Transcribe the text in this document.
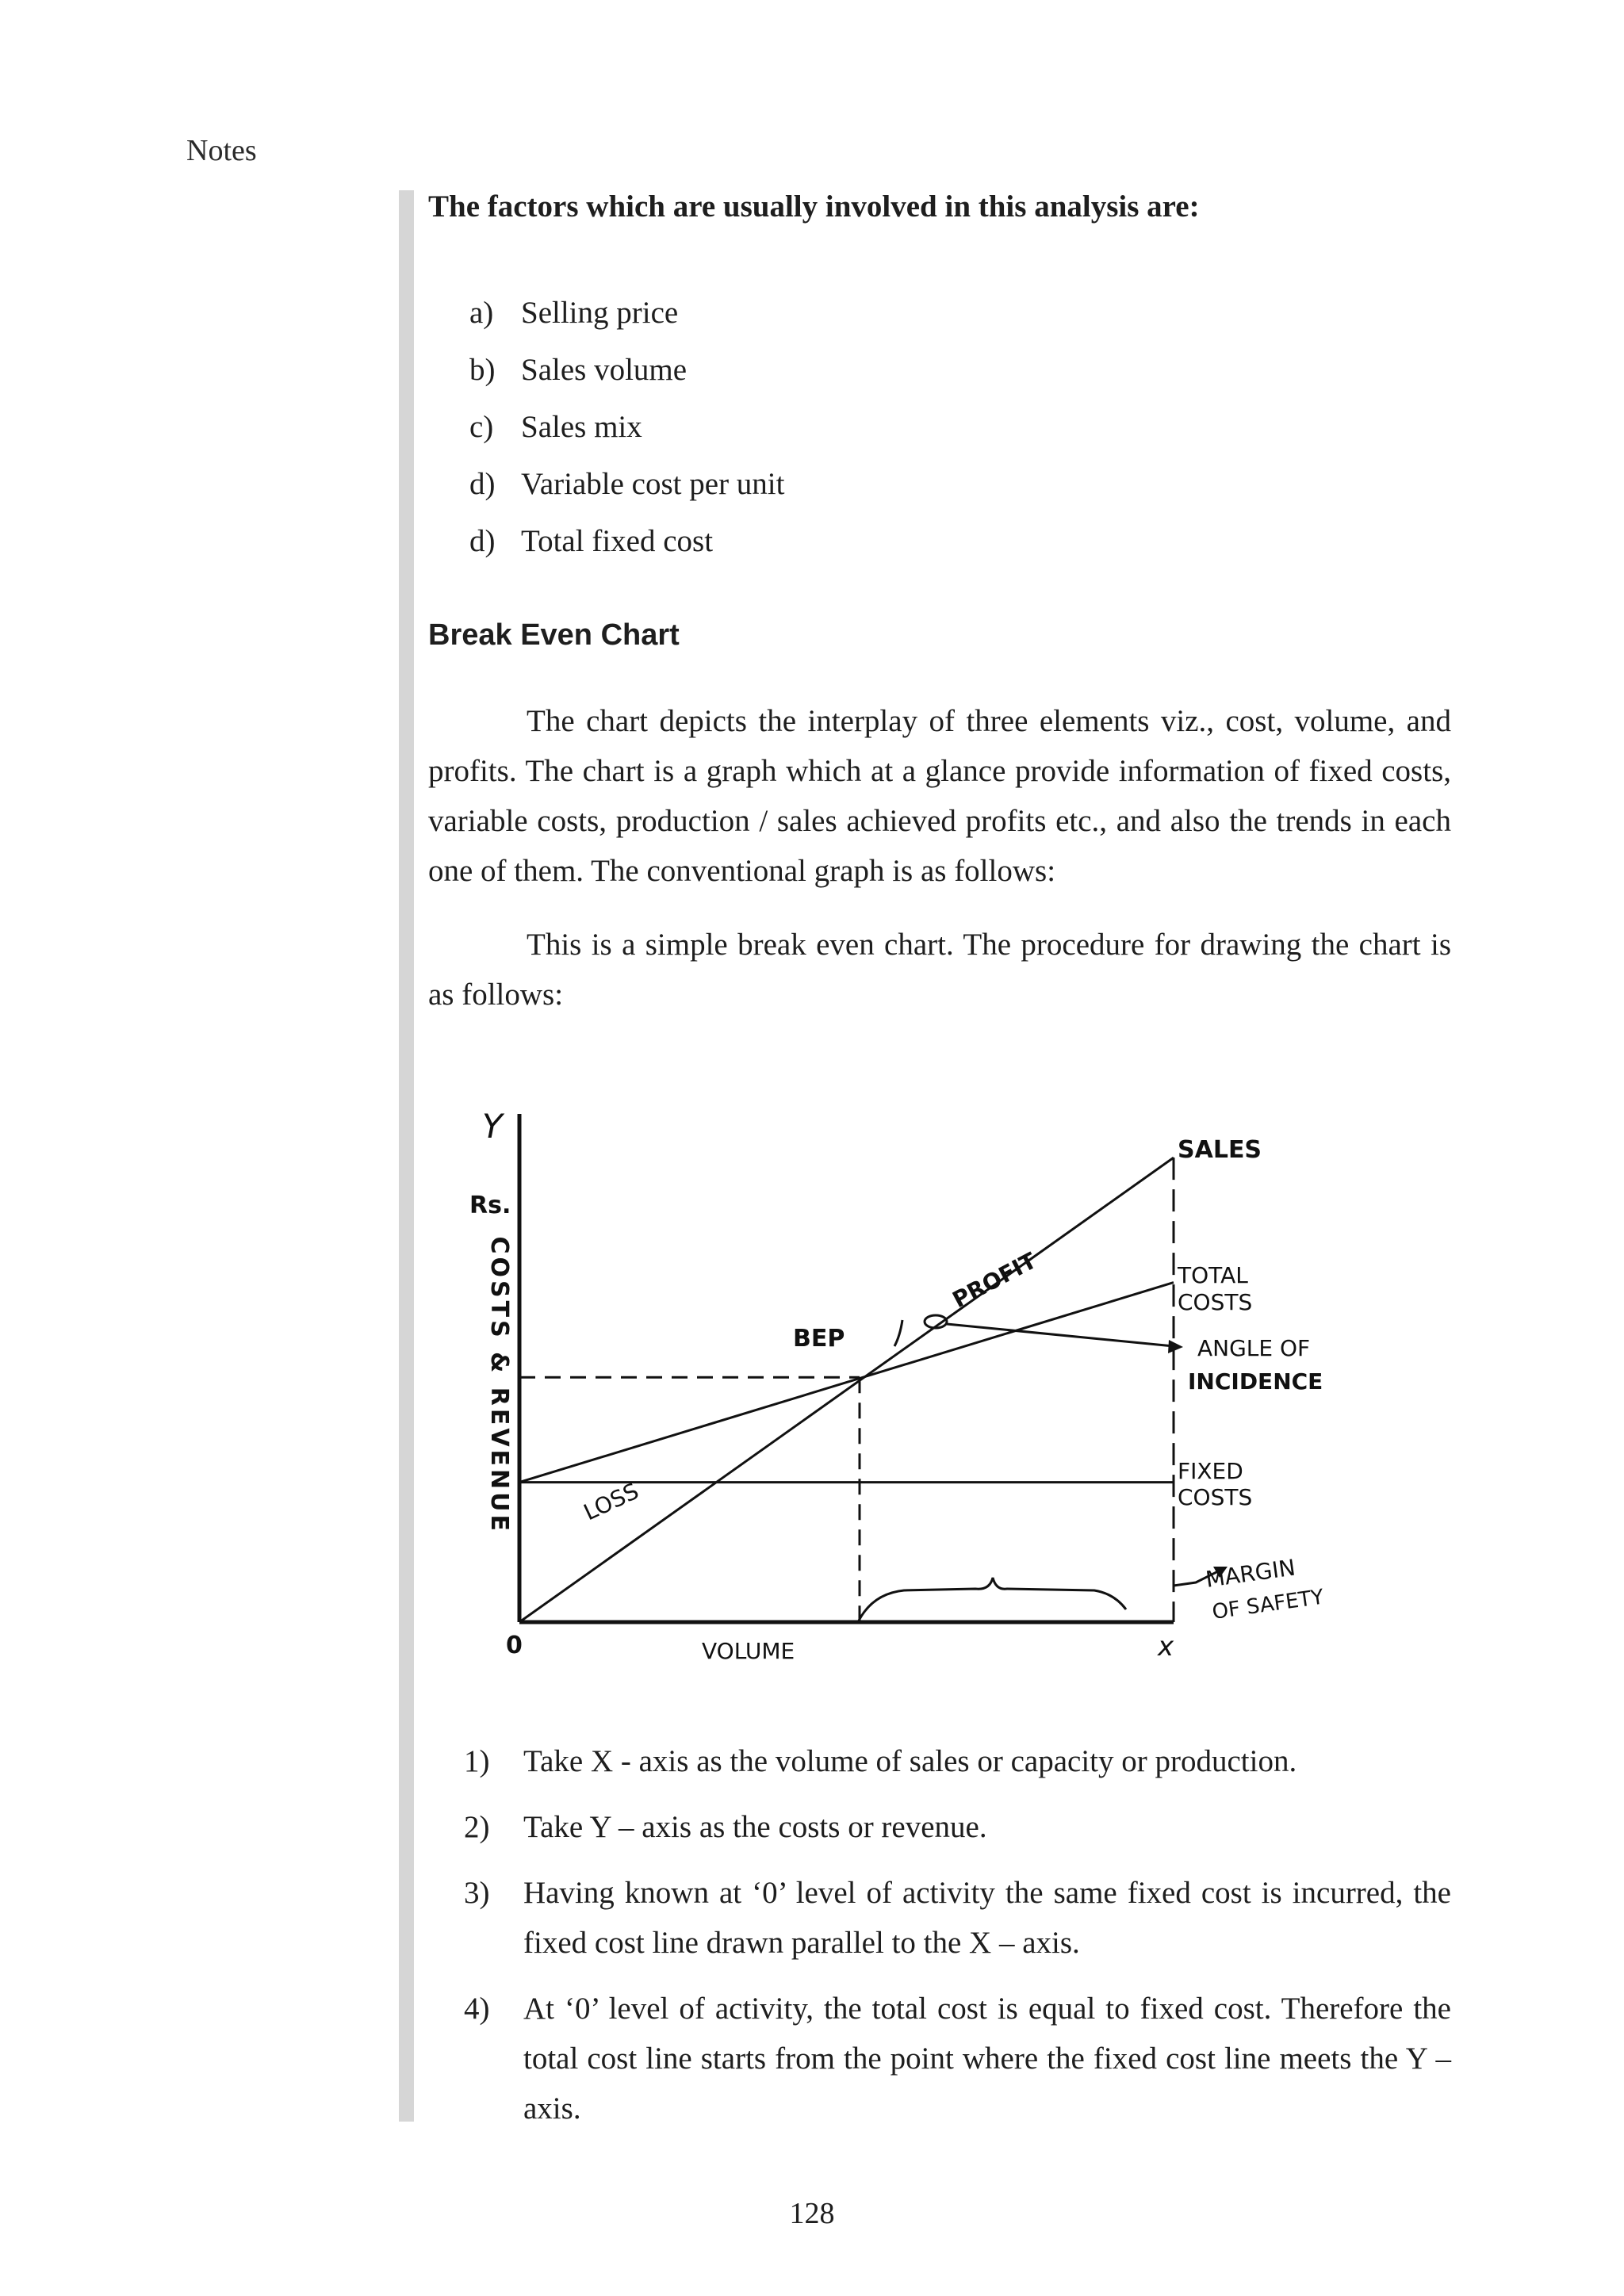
Notes

The factors which are usually involved in this analysis are:

a) Selling price
b) Sales volume
c) Sales mix
d) Variable cost per unit
d) Total fixed cost

Break Even Chart

The chart depicts the interplay of three elements viz., cost, volume, and profits. The chart is a graph which at a glance provide information of fixed costs, variable costs, production / sales achieved profits etc., and also the trends in each one of them. The conventional graph is as follows:

This is a simple break even chart. The procedure for drawing the chart is as follows:

Y
Rs.
COSTS & REVENUE
0	VOLUME	x
SALES
TOTAL
COSTS
ANGLE OF
INCIDENCE
FIXED
COSTS
MARGIN
OF SAFETY
BEP
PROFIT
LOSS
1)	Take X - axis as the volume of sales or capacity or production.
2)	Take Y – axis as the costs or revenue.
3)	Having known at ‘0’ level of activity the same fixed cost is incurred, the fixed cost line drawn parallel to the X – axis.
4)	At ‘0’ level of activity, the total cost is equal to fixed cost. Therefore the total cost line starts from the point where the fixed cost line meets the Y – axis.
128
